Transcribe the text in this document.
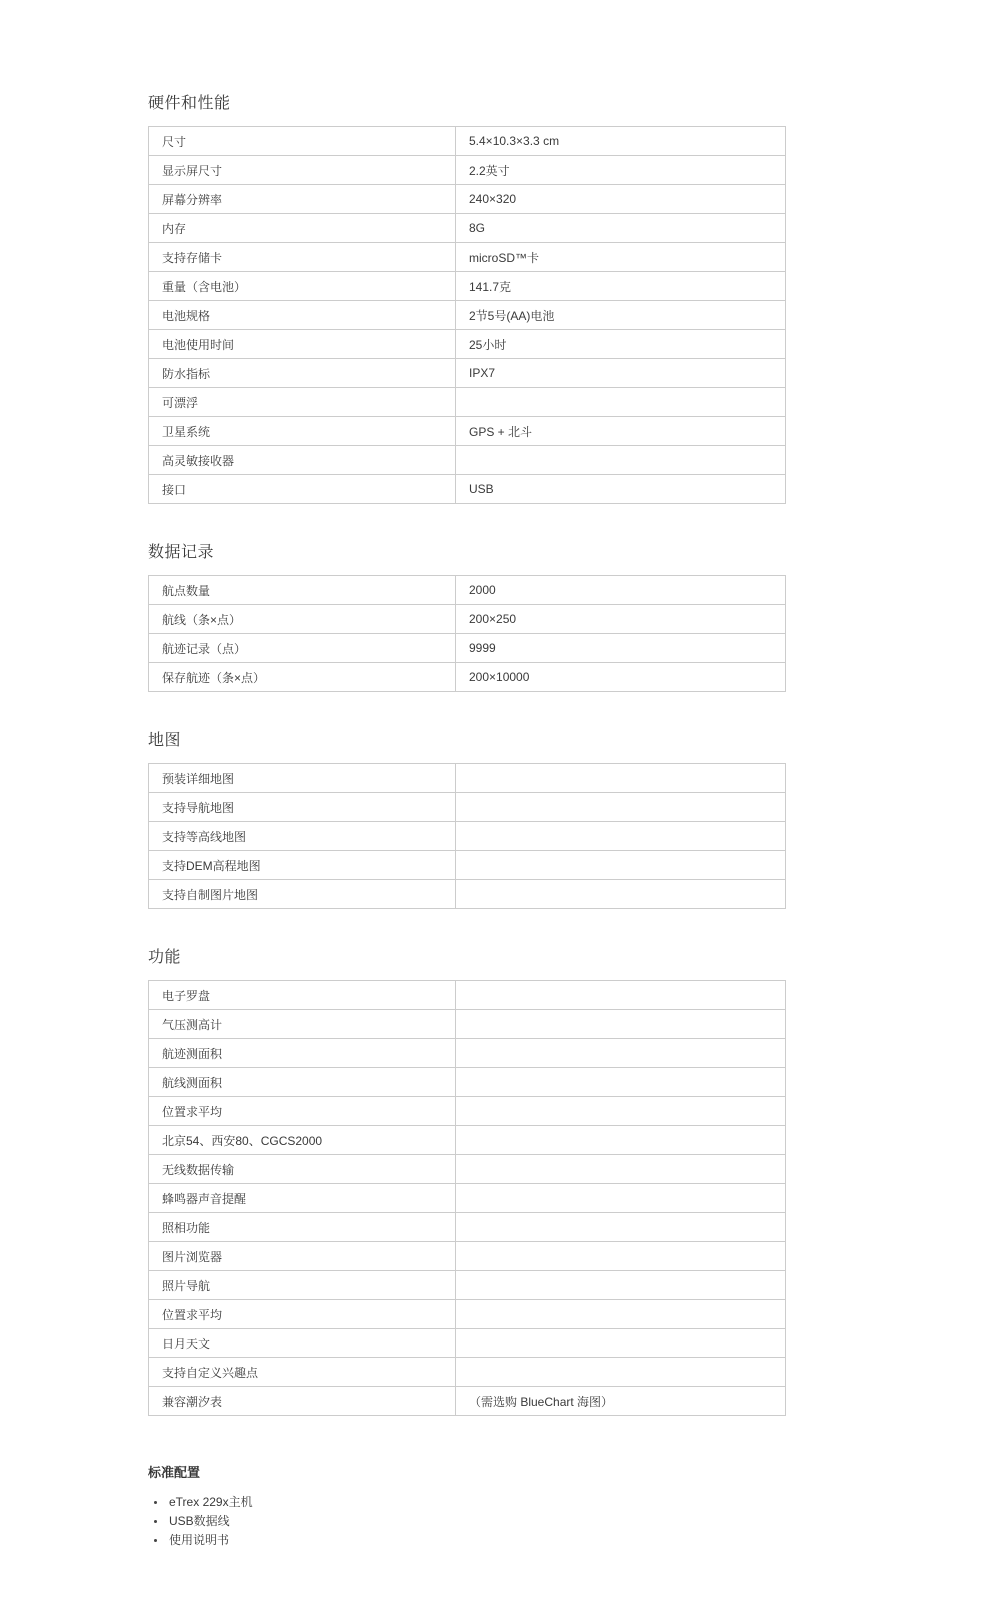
硬件和性能
尺寸	5.4×10.3×3.3 cm
显示屏尺寸	2.2英寸
屏幕分辨率	240×320
内存	8G
支持存储卡	microSD™卡
重量（含电池）	141.7克
电池规格	2节5号(AA)电池
电池使用时间	25小时
防水指标	IPX7
可漂浮	
卫星系统	GPS + 北斗
高灵敏接收器	
接口	USB
数据记录
航点数量	2000
航线（条×点）	200×250
航迹记录（点）	9999
保存航迹（条×点）	200×10000
地图
预装详细地图	
支持导航地图	
支持等高线地图	
支持DEM高程地图	
支持自制图片地图	
功能
电子罗盘	
气压测高计	
航迹测面积	
航线测面积	
位置求平均	
北京54、西安80、CGCS2000	
无线数据传输	
蜂鸣器声音提醒	
照相功能	
图片浏览器	
照片导航	
位置求平均	
日月天文	
支持自定义兴趣点	
兼容潮汐表	（需选购 BlueChart 海图）
标准配置
• eTrex 229x主机
• USB数据线
• 使用说明书
